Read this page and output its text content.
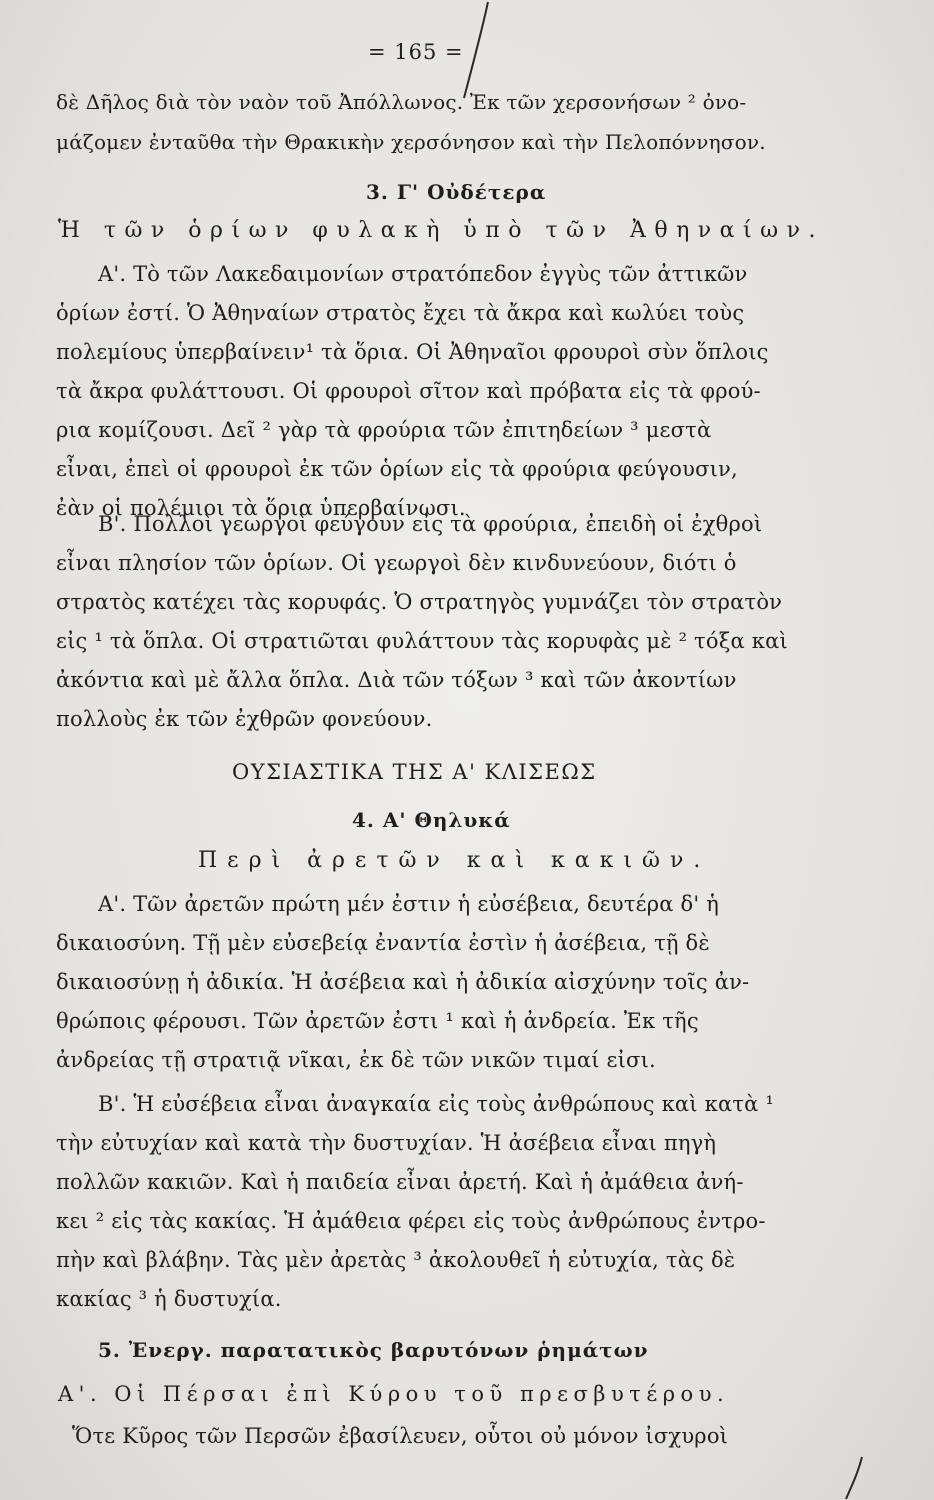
= 165 =
δὲ Δῆλος διὰ τὸν ναὸν τοῦ Ἀπόλλωνος. Ἐκ τῶν χερσονήσων ² ὀνο-
μάζομεν ἐνταῦθα τὴν Θρακικὴν χερσόνησον καὶ τὴν Πελοπόννησον.
3. Γ' Οὐδέτερα
Ἡ τῶν ὁρίων φυλακὴ ὑπὸ τῶν Ἀθηναίων.
Α'. Τὸ τῶν Λακεδαιμονίων στρατόπεδον ἐγγὺς τῶν ἀττικῶν
ὁρίων ἐστί. Ὁ Ἀθηναίων στρατὸς ἔχει τὰ ἄκρα καὶ κωλύει τοὺς
πολεμίους ὑπερβαίνειν¹ τὰ ὅρια. Οἱ Ἀθηναῖοι φρουροὶ σὺν ὅπλοις
τὰ ἄκρα φυλάττουσι. Οἱ φρουροὶ σῖτον καὶ πρόβατα εἰς τὰ φρού-
ρια κομίζουσι. Δεῖ ² γὰρ τὰ φρούρια τῶν ἐπιτηδείων ³ μεστὰ
εἶναι, ἐπεὶ οἱ φρουροὶ ἐκ τῶν ὁρίων εἰς τὰ φρούρια φεύγουσιν,
ἐὰν οἱ πολέμιοι τὰ ὅρια ὑπερβαίνωσι.
Β'. Πολλοὶ γεωργοὶ φεύγουν εἰς τὰ φρούρια, ἐπειδὴ οἱ ἐχθροὶ
εἶναι πλησίον τῶν ὁρίων. Οἱ γεωργοὶ δὲν κινδυνεύουν, διότι ὁ
στρατὸς κατέχει τὰς κορυφάς. Ὁ στρατηγὸς γυμνάζει τὸν στρατὸν
εἰς ¹ τὰ ὅπλα. Οἱ στρατιῶται φυλάττουν τὰς κορυφὰς μὲ ² τόξα καὶ
ἀκόντια καὶ μὲ ἄλλα ὅπλα. Διὰ τῶν τόξων ³ καὶ τῶν ἀκοντίων
πολλοὺς ἐκ τῶν ἐχθρῶν φονεύουν.
ΟΥΣΙΑΣΤΙΚΑ ΤΗΣ Α' ΚΛΙΣΕΩΣ
4. Α' Θηλυκά
Περὶ ἀρετῶν καὶ κακιῶν.
Α'. Τῶν ἀρετῶν πρώτη μέν ἐστιν ἡ εὐσέβεια, δευτέρα δ' ἡ
δικαιοσύνη. Τῇ μὲν εὐσεβείᾳ ἐναντία ἐστὶν ἡ ἀσέβεια, τῇ δὲ
δικαιοσύνῃ ἡ ἀδικία. Ἡ ἀσέβεια καὶ ἡ ἀδικία αἰσχύνην τοῖς ἀν-
θρώποις φέρουσι. Τῶν ἀρετῶν ἐστι ¹ καὶ ἡ ἀνδρεία. Ἐκ τῆς
ἀνδρείας τῇ στρατιᾷ νῖκαι, ἐκ δὲ τῶν νικῶν τιμαί εἰσι.
Β'. Ἡ εὐσέβεια εἶναι ἀναγκαία εἰς τοὺς ἀνθρώπους καὶ κατὰ ¹
τὴν εὐτυχίαν καὶ κατὰ τὴν δυστυχίαν. Ἡ ἀσέβεια εἶναι πηγὴ
πολλῶν κακιῶν. Καὶ ἡ παιδεία εἶναι ἀρετή. Καὶ ἡ ἀμάθεια ἀνή-
κει ² εἰς τὰς κακίας. Ἡ ἀμάθεια φέρει εἰς τοὺς ἀνθρώπους ἐντρο-
πὴν καὶ βλάβην. Τὰς μὲν ἀρετὰς ³ ἀκολουθεῖ ἡ εὐτυχία, τὰς δὲ
κακίας ³ ἡ δυστυχία.
5. Ἐνεργ. παρατατικὸς βαρυτόνων ῥημάτων
Α'. Οἱ Πέρσαι ἐπὶ Κύρου τοῦ πρεσβυτέρου.
Ὅτε Κῦρος τῶν Περσῶν ἐβασίλευεν, οὗτοι οὐ μόνον ἰσχυροὶ
